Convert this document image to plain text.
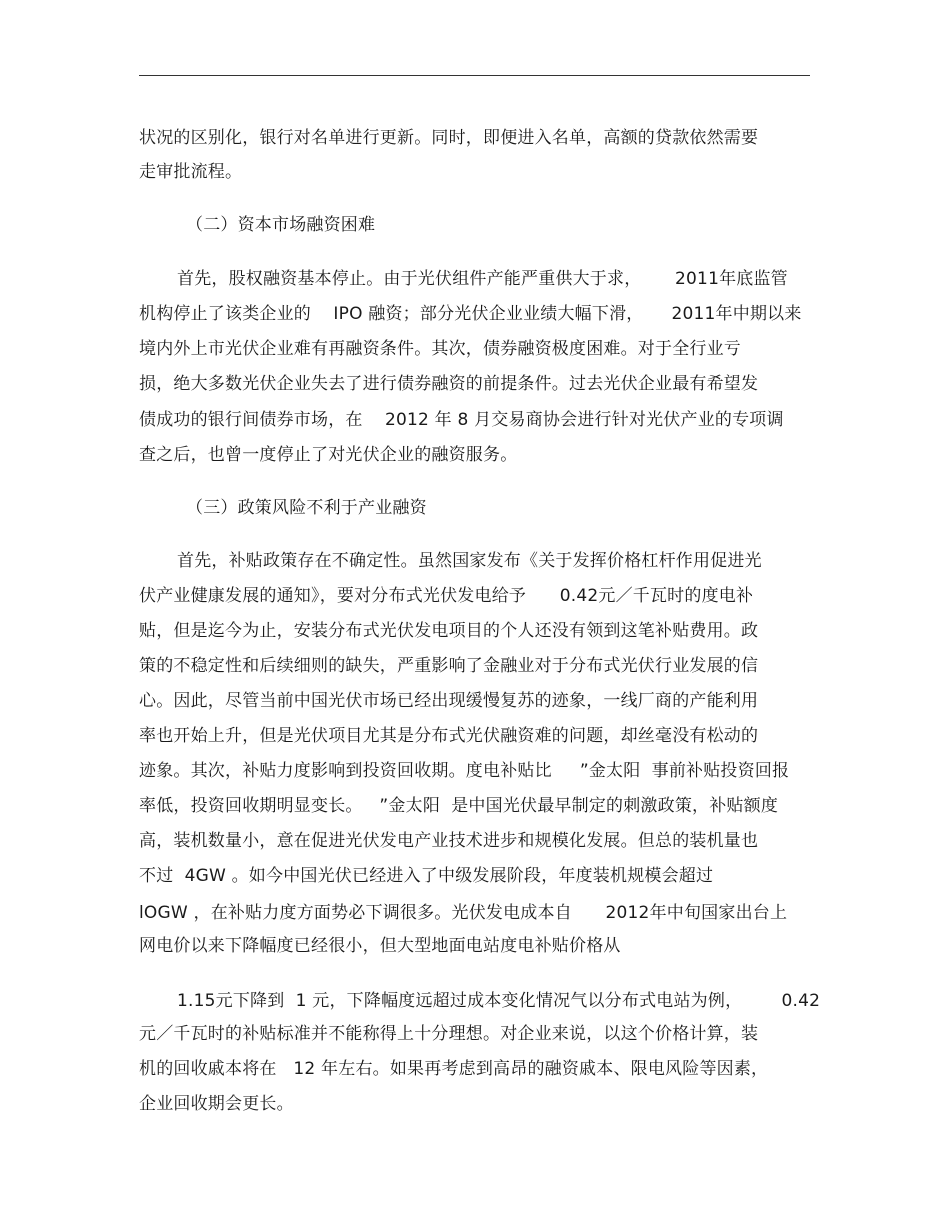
状况的区别化，银行对名单进行更新。同时，即便进入名单，高额的贷款依然需要
走审批流程。
（二）资本市场融资困难
首先，股权融资基本停止。由于光伏组件产能严重供大于求，      2011年底监管
机构停止了该类企业的    IPO 融资；部分光伏企业业绩大幅下滑，     2011年中期以来
境内外上市光伏企业难有再融资条件。其次，债券融资极度困难。对于全行业亏
损，绝大多数光伏企业失去了进行债券融资的前提条件。过去光伏企业最有希望发
债成功的银行间债券市场，在    2012 年 8 月交易商协会进行针对光伏产业的专项调
查之后，也曾一度停止了对光伏企业的融资服务。
（三）政策风险不利于产业融资
首先，补贴政策存在不确定性。虽然国家发布《关于发挥价格杠杆作用促进光
伏产业健康发展的通知》，要对分布式光伏发电给予      0.42元／千瓦时的度电补
贴，但是迄今为止，安装分布式光伏发电项目的个人还没有领到这笔补贴费用。政
策的不稳定性和后续细则的缺失，严重影响了金融业对于分布式光伏行业发展的信
心。因此，尽管当前中国光伏市场已经出现缓慢复苏的迹象，一线厂商的产能利用
率也开始上升，但是光伏项目尤其是分布式光伏融资难的问题，却丝毫没有松动的
迹象。其次，补贴力度影响到投资回收期。度电补贴比     ”金太阳  事前补贴投资回报
率低，投资回收期明显变长。   ”金太阳  是中国光伏最早制定的刺激政策，补贴额度
高，装机数量小，意在促进光伏发电产业技术进步和规模化发展。但总的装机量也
不过  4GW 。如今中国光伏已经进入了中级发展阶段，年度装机规模会超过
lOGW ，在补贴力度方面势必下调很多。光伏发电成本自      2012年中旬国家出台上
网电价以来下降幅度已经很小，但大型地面电站度电补贴价格从
1.15元下降到  1 元，下降幅度远超过成本变化情况气以分布式电站为例，       0.42
元／千瓦时的补贴标准并不能称得上十分理想。对企业来说，以这个价格计算，装
机的回收戚本将在   12 年左右。如果再考虑到高昂的融资戚本、限电风险等因素，
企业回收期会更长。
